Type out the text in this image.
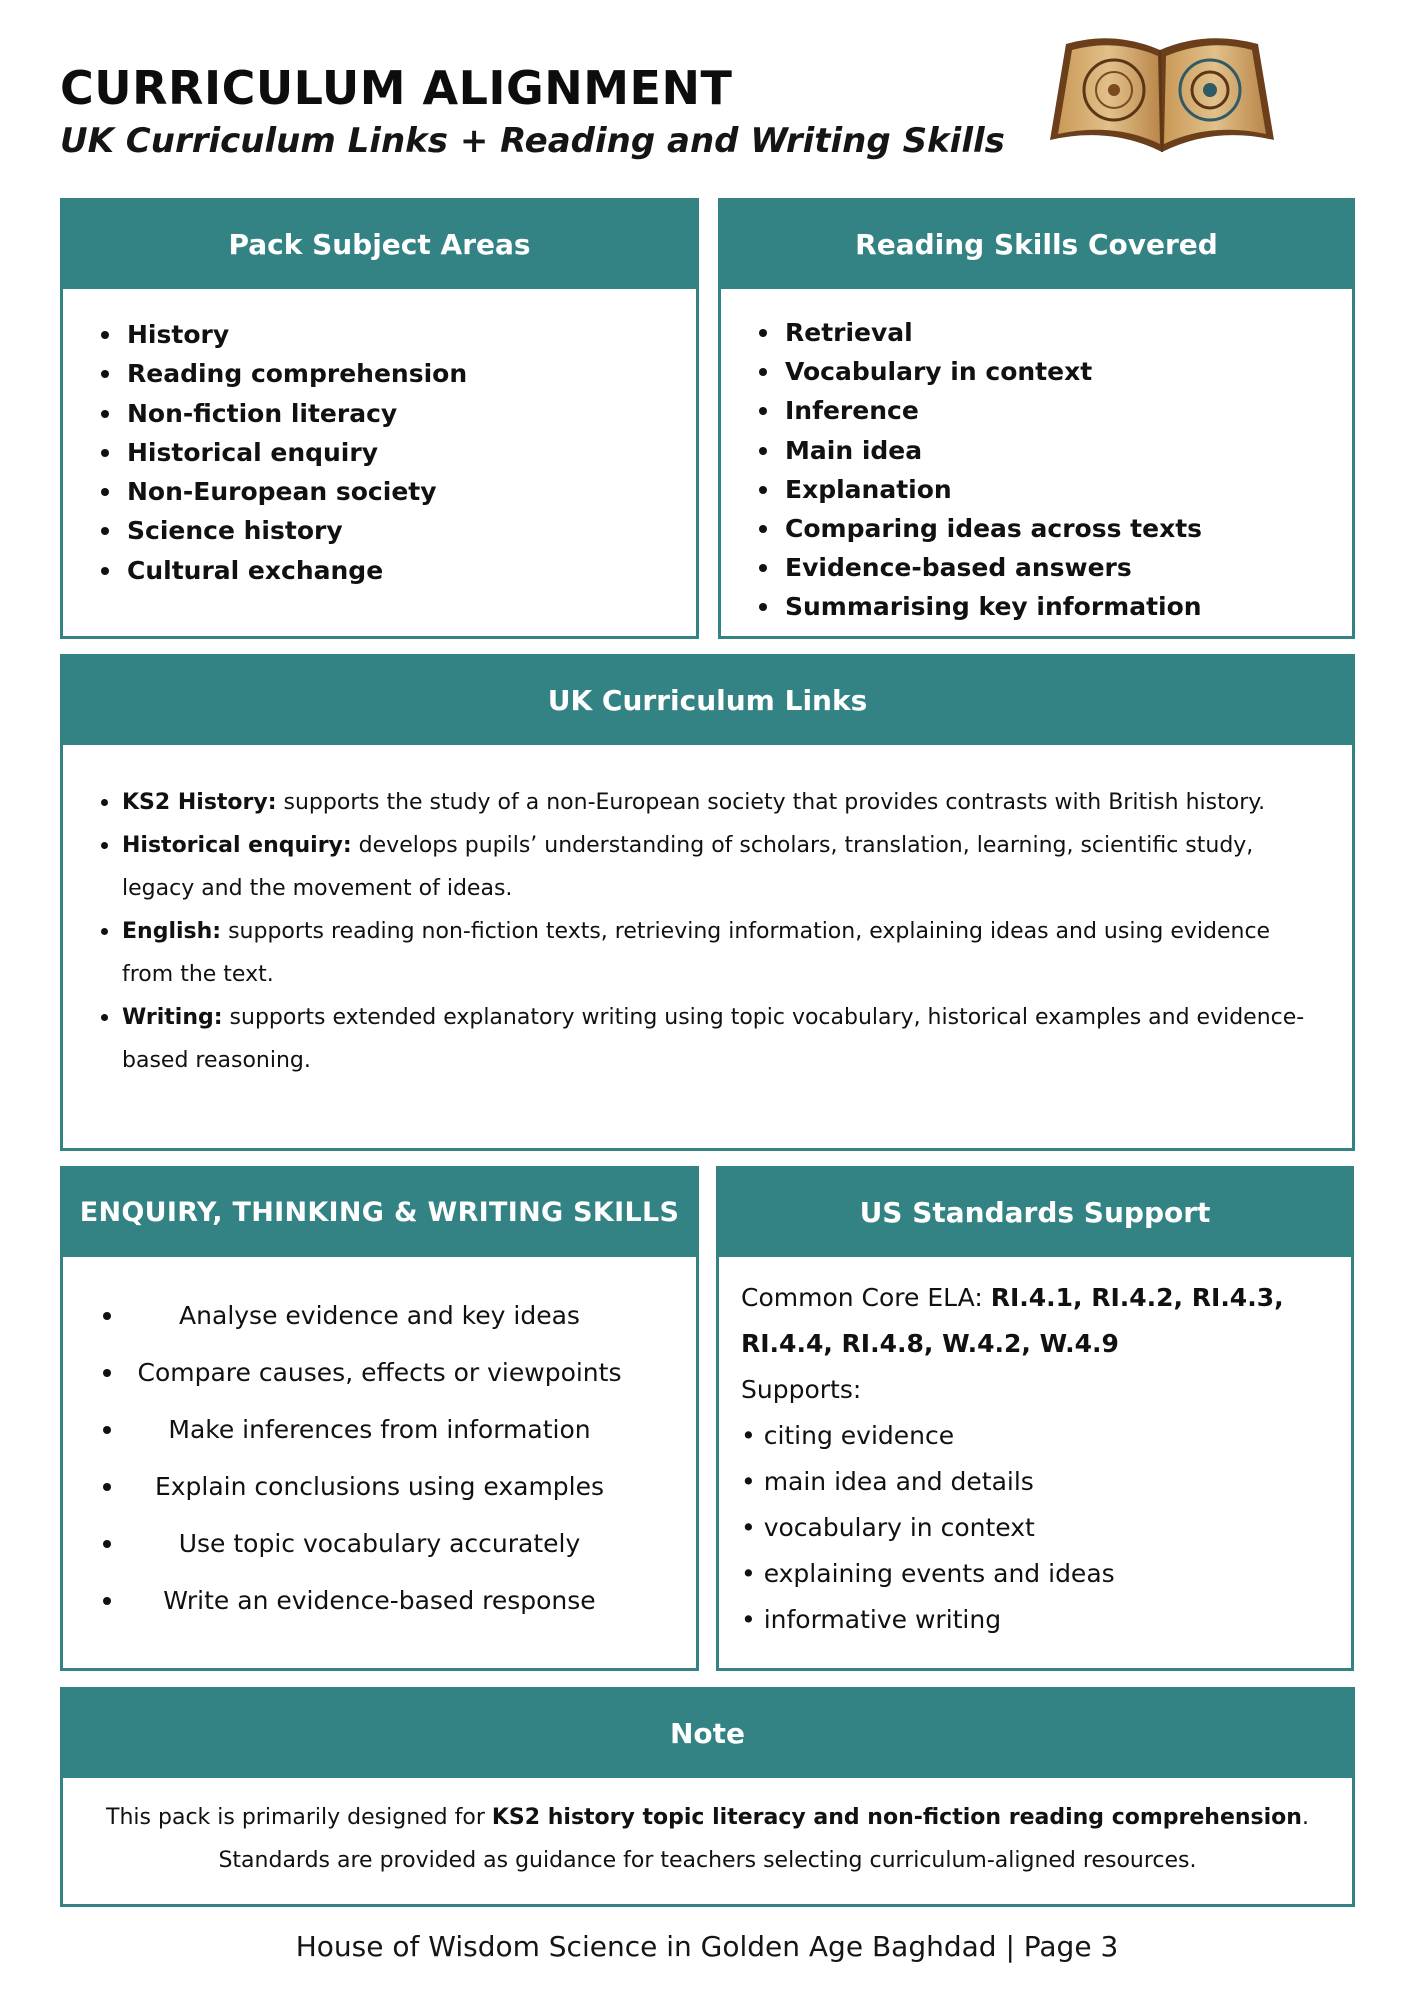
CURRICULUM ALIGNMENT
UK Curriculum Links + Reading and Writing Skills
Pack Subject Areas
History
Reading comprehension
Non-fiction literacy
Historical enquiry
Non-European society
Science history
Cultural exchange
Reading Skills Covered
Retrieval
Vocabulary in context
Inference
Main idea
Explanation
Comparing ideas across texts
Evidence-based answers
Summarising key information
UK Curriculum Links
KS2 History: supports the study of a non-European society that provides contrasts with British history.
Historical enquiry: develops pupils’ understanding of scholars, translation, learning, scientific study, legacy and the movement of ideas.
English: supports reading non-fiction texts, retrieving information, explaining ideas and using evidence from the text.
Writing: supports extended explanatory writing using topic vocabulary, historical examples and evidence-based reasoning.
ENQUIRY, THINKING & WRITING SKILLS
Analyse evidence and key ideas
Compare causes, effects or viewpoints
Make inferences from information
Explain conclusions using examples
Use topic vocabulary accurately
Write an evidence-based response
US Standards Support
Common Core ELA: RI.4.1, RI.4.2, RI.4.3, RI.4.4, RI.4.8, W.4.2, W.4.9
Supports:
• citing evidence
• main idea and details
• vocabulary in context
• explaining events and ideas
• informative writing
Note
This pack is primarily designed for KS2 history topic literacy and non-fiction reading comprehension.
Standards are provided as guidance for teachers selecting curriculum-aligned resources.
House of Wisdom Science in Golden Age Baghdad | Page 3
